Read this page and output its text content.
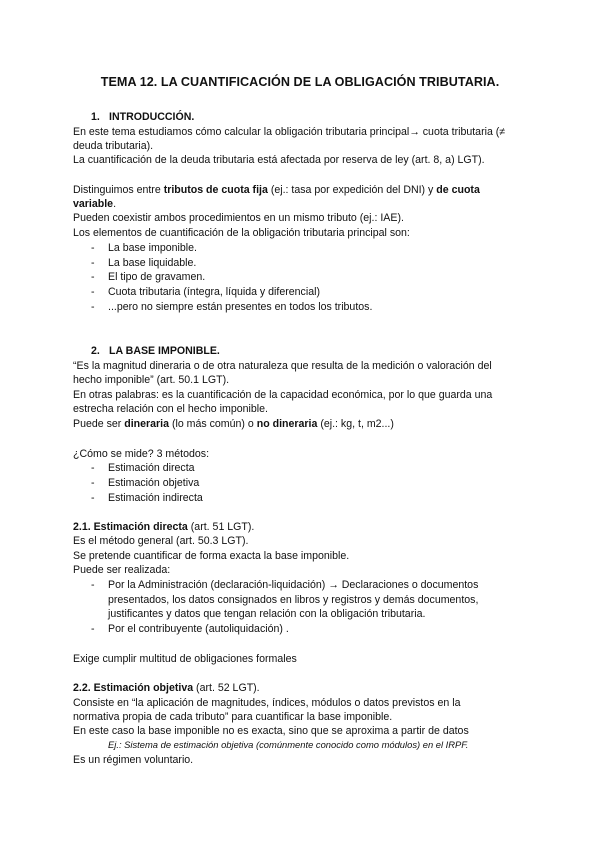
TEMA 12. LA CUANTIFICACIÓN DE LA OBLIGACIÓN TRIBUTARIA.
1. INTRODUCCIÓN.
En este tema estudiamos cómo calcular la obligación tributaria principal→ cuota tributaria (≠
deuda tributaria).
La cuantificación de la deuda tributaria está afectada por reserva de ley (art. 8, a) LGT).
Distinguimos entre tributos de cuota fija (ej.: tasa por expedición del DNI) y de cuota
variable.
Pueden coexistir ambos procedimientos en un mismo tributo (ej.: IAE).
Los elementos de cuantificación de la obligación tributaria principal son:
- La base imponible.
- La base liquidable.
- El tipo de gravamen.
- Cuota tributaria (íntegra, líquida y diferencial)
- ...pero no siempre están presentes en todos los tributos.
2. LA BASE IMPONIBLE.
“Es la magnitud dineraria o de otra naturaleza que resulta de la medición o valoración del
hecho imponible” (art. 50.1 LGT).
En otras palabras: es la cuantificación de la capacidad económica, por lo que guarda una
estrecha relación con el hecho imponible.
Puede ser dineraria (lo más común) o no dineraria (ej.: kg, t, m2...)
¿Cómo se mide? 3 métodos:
- Estimación directa
- Estimación objetiva
- Estimación indirecta
2.1. Estimación directa (art. 51 LGT).
Es el método general (art. 50.3 LGT).
Se pretende cuantificar de forma exacta la base imponible.
Puede ser realizada:
- Por la Administración (declaración-liquidación) → Declaraciones o documentos
presentados, los datos consignados en libros y registros y demás documentos,
justificantes y datos que tengan relación con la obligación tributaria.
- Por el contribuyente (autoliquidación) .
Exige cumplir multitud de obligaciones formales
2.2. Estimación objetiva (art. 52 LGT).
Consiste en “la aplicación de magnitudes, índices, módulos o datos previstos en la
normativa propia de cada tributo” para cuantificar la base imponible.
En este caso la base imponible no es exacta, sino que se aproxima a partir de datos
Ej.: Sistema de estimación objetiva (comúnmente conocido como módulos) en el IRPF.
Es un régimen voluntario.
